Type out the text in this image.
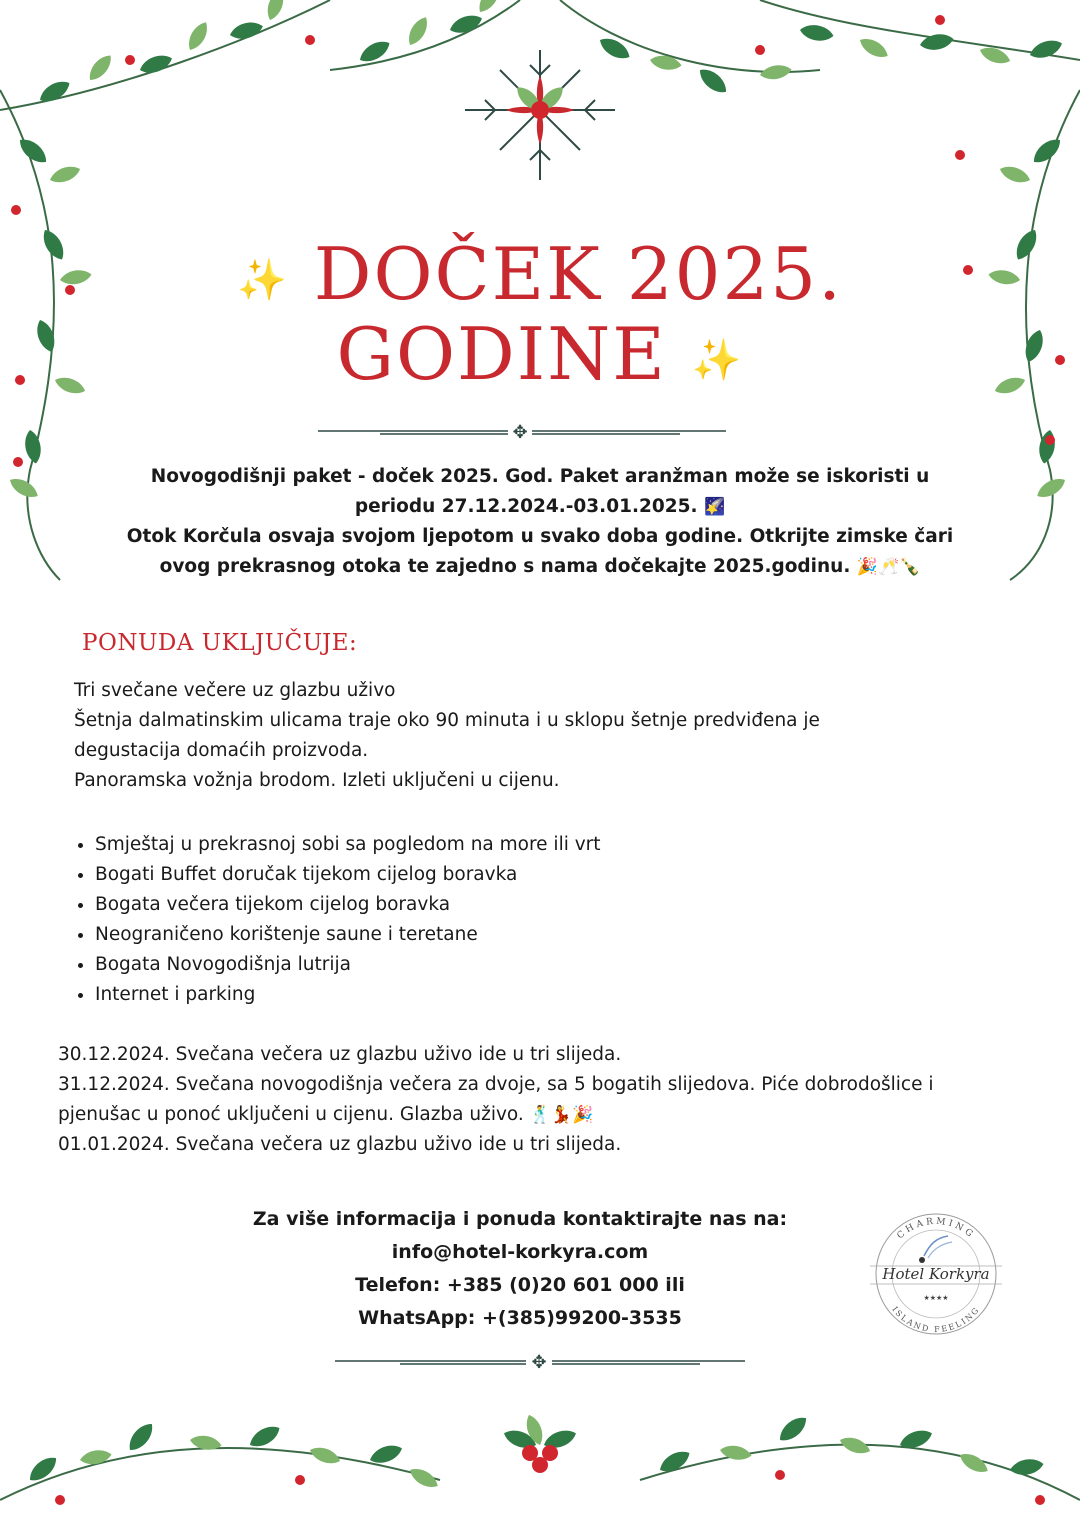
✥
✥
✨ DOČEK 2025.
GODINE ✨

Novogodišnji paket - doček 2025. God. Paket aranžman može se iskoristi u

periodu 27.12.2024.-03.01.2025. 🌠

Otok Korčula osvaja svojom ljepotom u svako doba godine. Otkrijte zimske čari

ovog prekrasnog otoka te zajedno s nama dočekajte 2025.godinu. 🎉🥂🍾

PONUDA UKLJUČUJE:

Tri svečane večere uz glazbu uživo

Šetnja dalmatinskim ulicama traje oko 90 minuta i u sklopu šetnje predviđena je

degustacija domaćih proizvoda.

Panoramska vožnja brodom. Izleti uključeni u cijenu.

• Smještaj u prekrasnoj sobi sa pogledom na more ili vrt
• Bogati Buffet doručak tijekom cijelog boravka
• Bogata večera tijekom cijelog boravka
• Neograničeno korištenje saune i teretane
• Bogata Novogodišnja lutrija
• Internet i parking

30.12.2024. Svečana večera uz glazbu uživo ide u tri slijeda.

31.12.2024. Svečana novogodišnja večera za dvoje, sa 5 bogatih slijedova. Piće dobrodošlice i

pjenušac u ponoć uključeni u cijenu. Glazba uživo. 🕺💃🎉

01.01.2024. Svečana večera uz glazbu uživo ide u tri slijeda.

Za više informacija i ponuda kontaktirajte nas na:

info@hotel-korkyra.com

Telefon: +385 (0)20 601 000 ili

WhatsApp: +(385)99200-3535

CHARMING
ISLAND FEELING
Hotel Korkyra
★★★★
